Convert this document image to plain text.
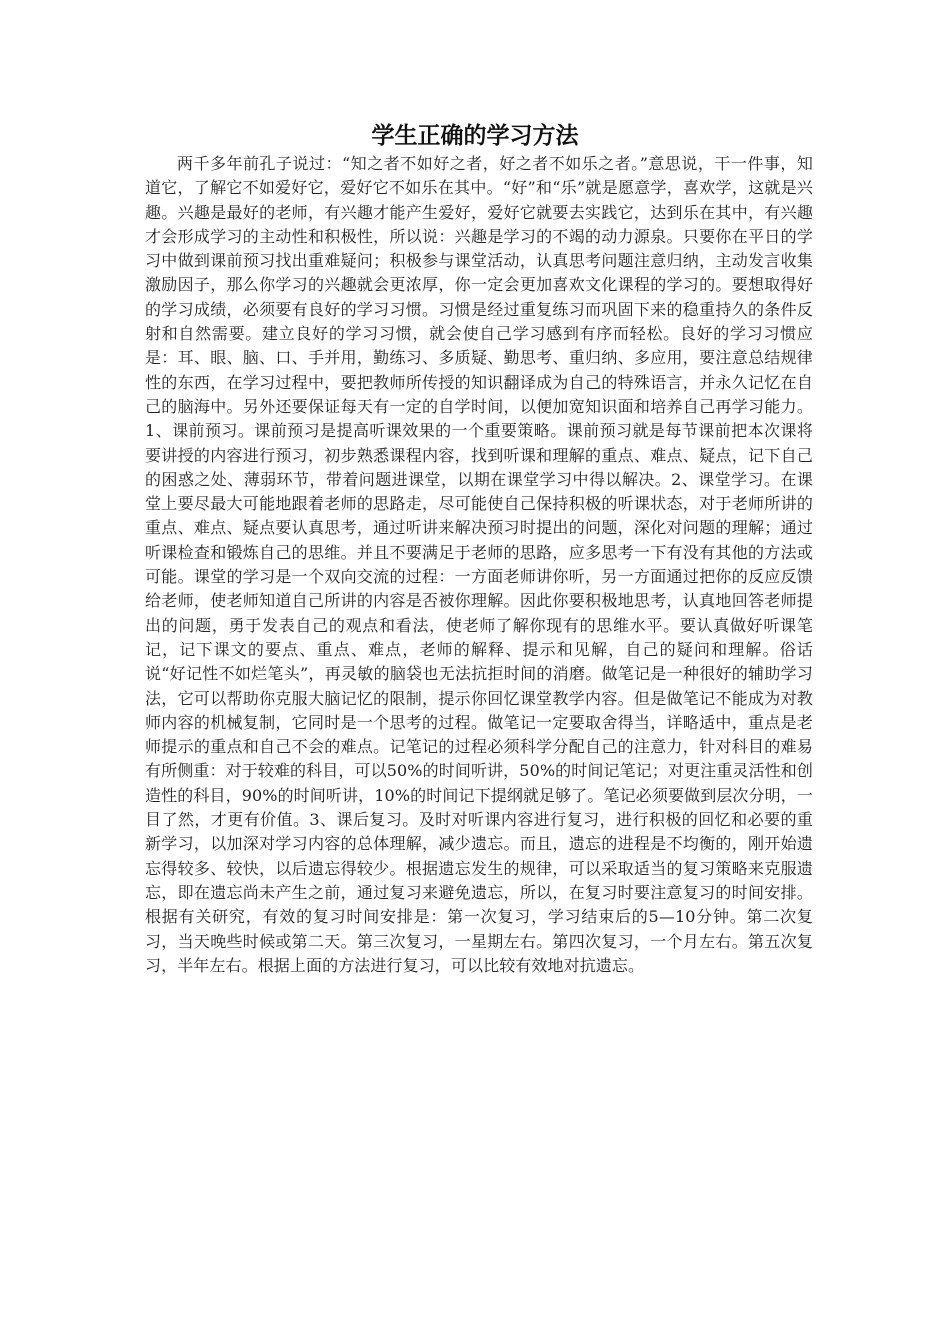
学生正确的学习方法

两千多年前孔子说过：“知之者不如好之者，好之者不如乐之者。”意思说，干一件事，知道它，了解它不如爱好它，爱好它不如乐在其中。“好”和“乐”就是愿意学，喜欢学，这就是兴趣。兴趣是最好的老师，有兴趣才能产生爱好，爱好它就要去实践它，达到乐在其中，有兴趣才会形成学习的主动性和积极性，所以说：兴趣是学习的不竭的动力源泉。只要你在平日的学习中做到课前预习找出重难疑问；积极参与课堂活动，认真思考问题注意归纳，主动发言收集激励因子，那么你学习的兴趣就会更浓厚，你一定会更加喜欢文化课程的学习的。要想取得好的学习成绩，必须要有良好的学习习惯。习惯是经过重复练习而巩固下来的稳重持久的条件反射和自然需要。建立良好的学习习惯，就会使自己学习感到有序而轻松。良好的学习习惯应是：耳、眼、脑、口、手并用，勤练习、多质疑、勤思考、重归纳、多应用，要注意总结规律性的东西，在学习过程中，要把教师所传授的知识翻译成为自己的特殊语言，并永久记忆在自己的脑海中。另外还要保证每天有一定的自学时间，以便加宽知识面和培养自己再学习能力。1、课前预习。课前预习是提高听课效果的一个重要策略。课前预习就是每节课前把本次课将要讲授的内容进行预习，初步熟悉课程内容，找到听课和理解的重点、难点、疑点，记下自己的困惑之处、薄弱环节，带着问题进课堂，以期在课堂学习中得以解决。2、课堂学习。在课堂上要尽最大可能地跟着老师的思路走，尽可能使自己保持积极的听课状态，对于老师所讲的重点、难点、疑点要认真思考，通过听讲来解决预习时提出的问题，深化对问题的理解；通过听课检查和锻炼自己的思维。并且不要满足于老师的思路，应多思考一下有没有其他的方法或可能。课堂的学习是一个双向交流的过程：一方面老师讲你听，另一方面通过把你的反应反馈给老师，使老师知道自己所讲的内容是否被你理解。因此你要积极地思考，认真地回答老师提出的问题，勇于发表自己的观点和看法，使老师了解你现有的思维水平。要认真做好听课笔记，记下课文的要点、重点、难点，老师的解释、提示和见解，自己的疑问和理解。俗话说“好记性不如烂笔头”，再灵敏的脑袋也无法抗拒时间的消磨。做笔记是一种很好的辅助学习法，它可以帮助你克服大脑记忆的限制，提示你回忆课堂教学内容。但是做笔记不能成为对教师内容的机械复制，它同时是一个思考的过程。做笔记一定要取舍得当，详略适中，重点是老师提示的重点和自己不会的难点。记笔记的过程必须科学分配自己的注意力，针对科目的难易有所侧重：对于较难的科目，可以50%的时间听讲，50%的时间记笔记；对更注重灵活性和创造性的科目，90%的时间听讲，10%的时间记下提纲就足够了。笔记必须要做到层次分明，一目了然，才更有价值。3、课后复习。及时对听课内容进行复习，进行积极的回忆和必要的重新学习，以加深对学习内容的总体理解，减少遗忘。而且，遗忘的进程是不均衡的，刚开始遗忘得较多、较快，以后遗忘得较少。根据遗忘发生的规律，可以采取适当的复习策略来克服遗忘，即在遗忘尚未产生之前，通过复习来避免遗忘，所以，在复习时要注意复习的时间安排。根据有关研究，有效的复习时间安排是：第一次复习，学习结束后的5—10分钟。第二次复习，当天晚些时候或第二天。第三次复习，一星期左右。第四次复习，一个月左右。第五次复习，半年左右。根据上面的方法进行复习，可以比较有效地对抗遗忘。
